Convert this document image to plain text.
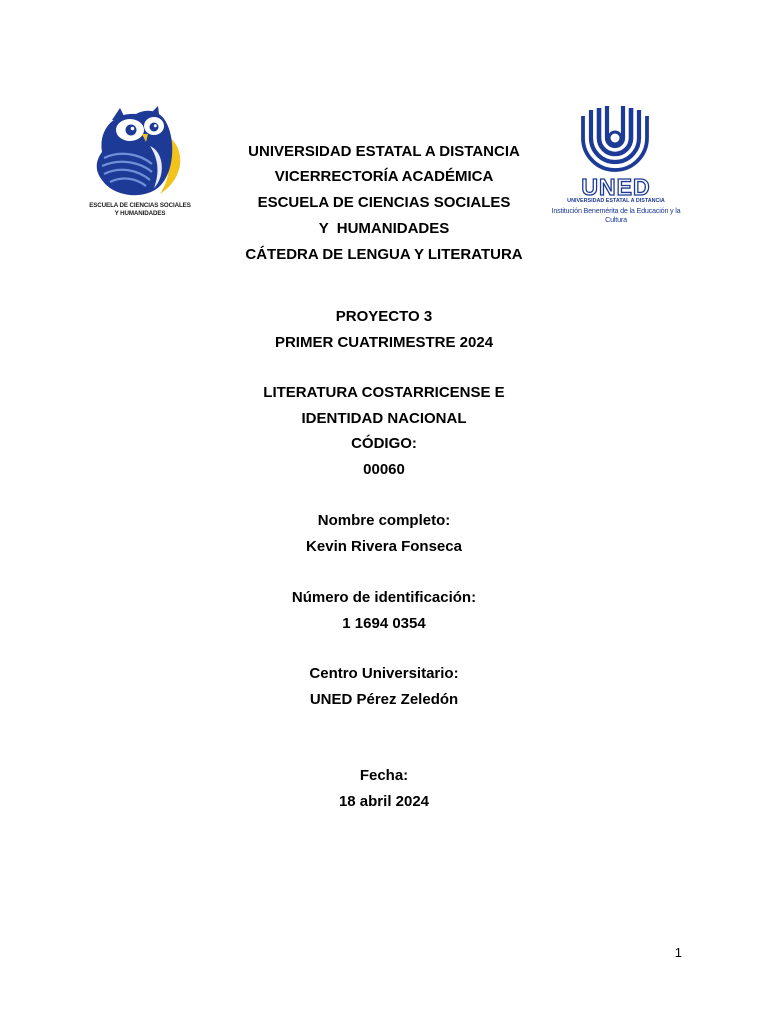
ESCUELA DE CIENCIAS SOCIALES
Y HUMANIDADES
UNED
UNIVERSIDAD ESTATAL A DISTANCIA
Institución Benemérita de la Educación y la Cultura
UNIVERSIDAD ESTATAL A DISTANCIA
VICERRECTORÍA ACADÉMICA
ESCUELA DE CIENCIAS SOCIALES
Y  HUMANIDADES
CÁTEDRA DE LENGUA Y LITERATURA
PROYECTO 3
PRIMER CUATRIMESTRE 2024
LITERATURA COSTARRICENSE E
IDENTIDAD NACIONAL
CÓDIGO:
00060
Nombre completo:
Kevin Rivera Fonseca
Número de identificación:
1 1694 0354
Centro Universitario:
UNED Pérez Zeledón
Fecha:
18 abril 2024
1
